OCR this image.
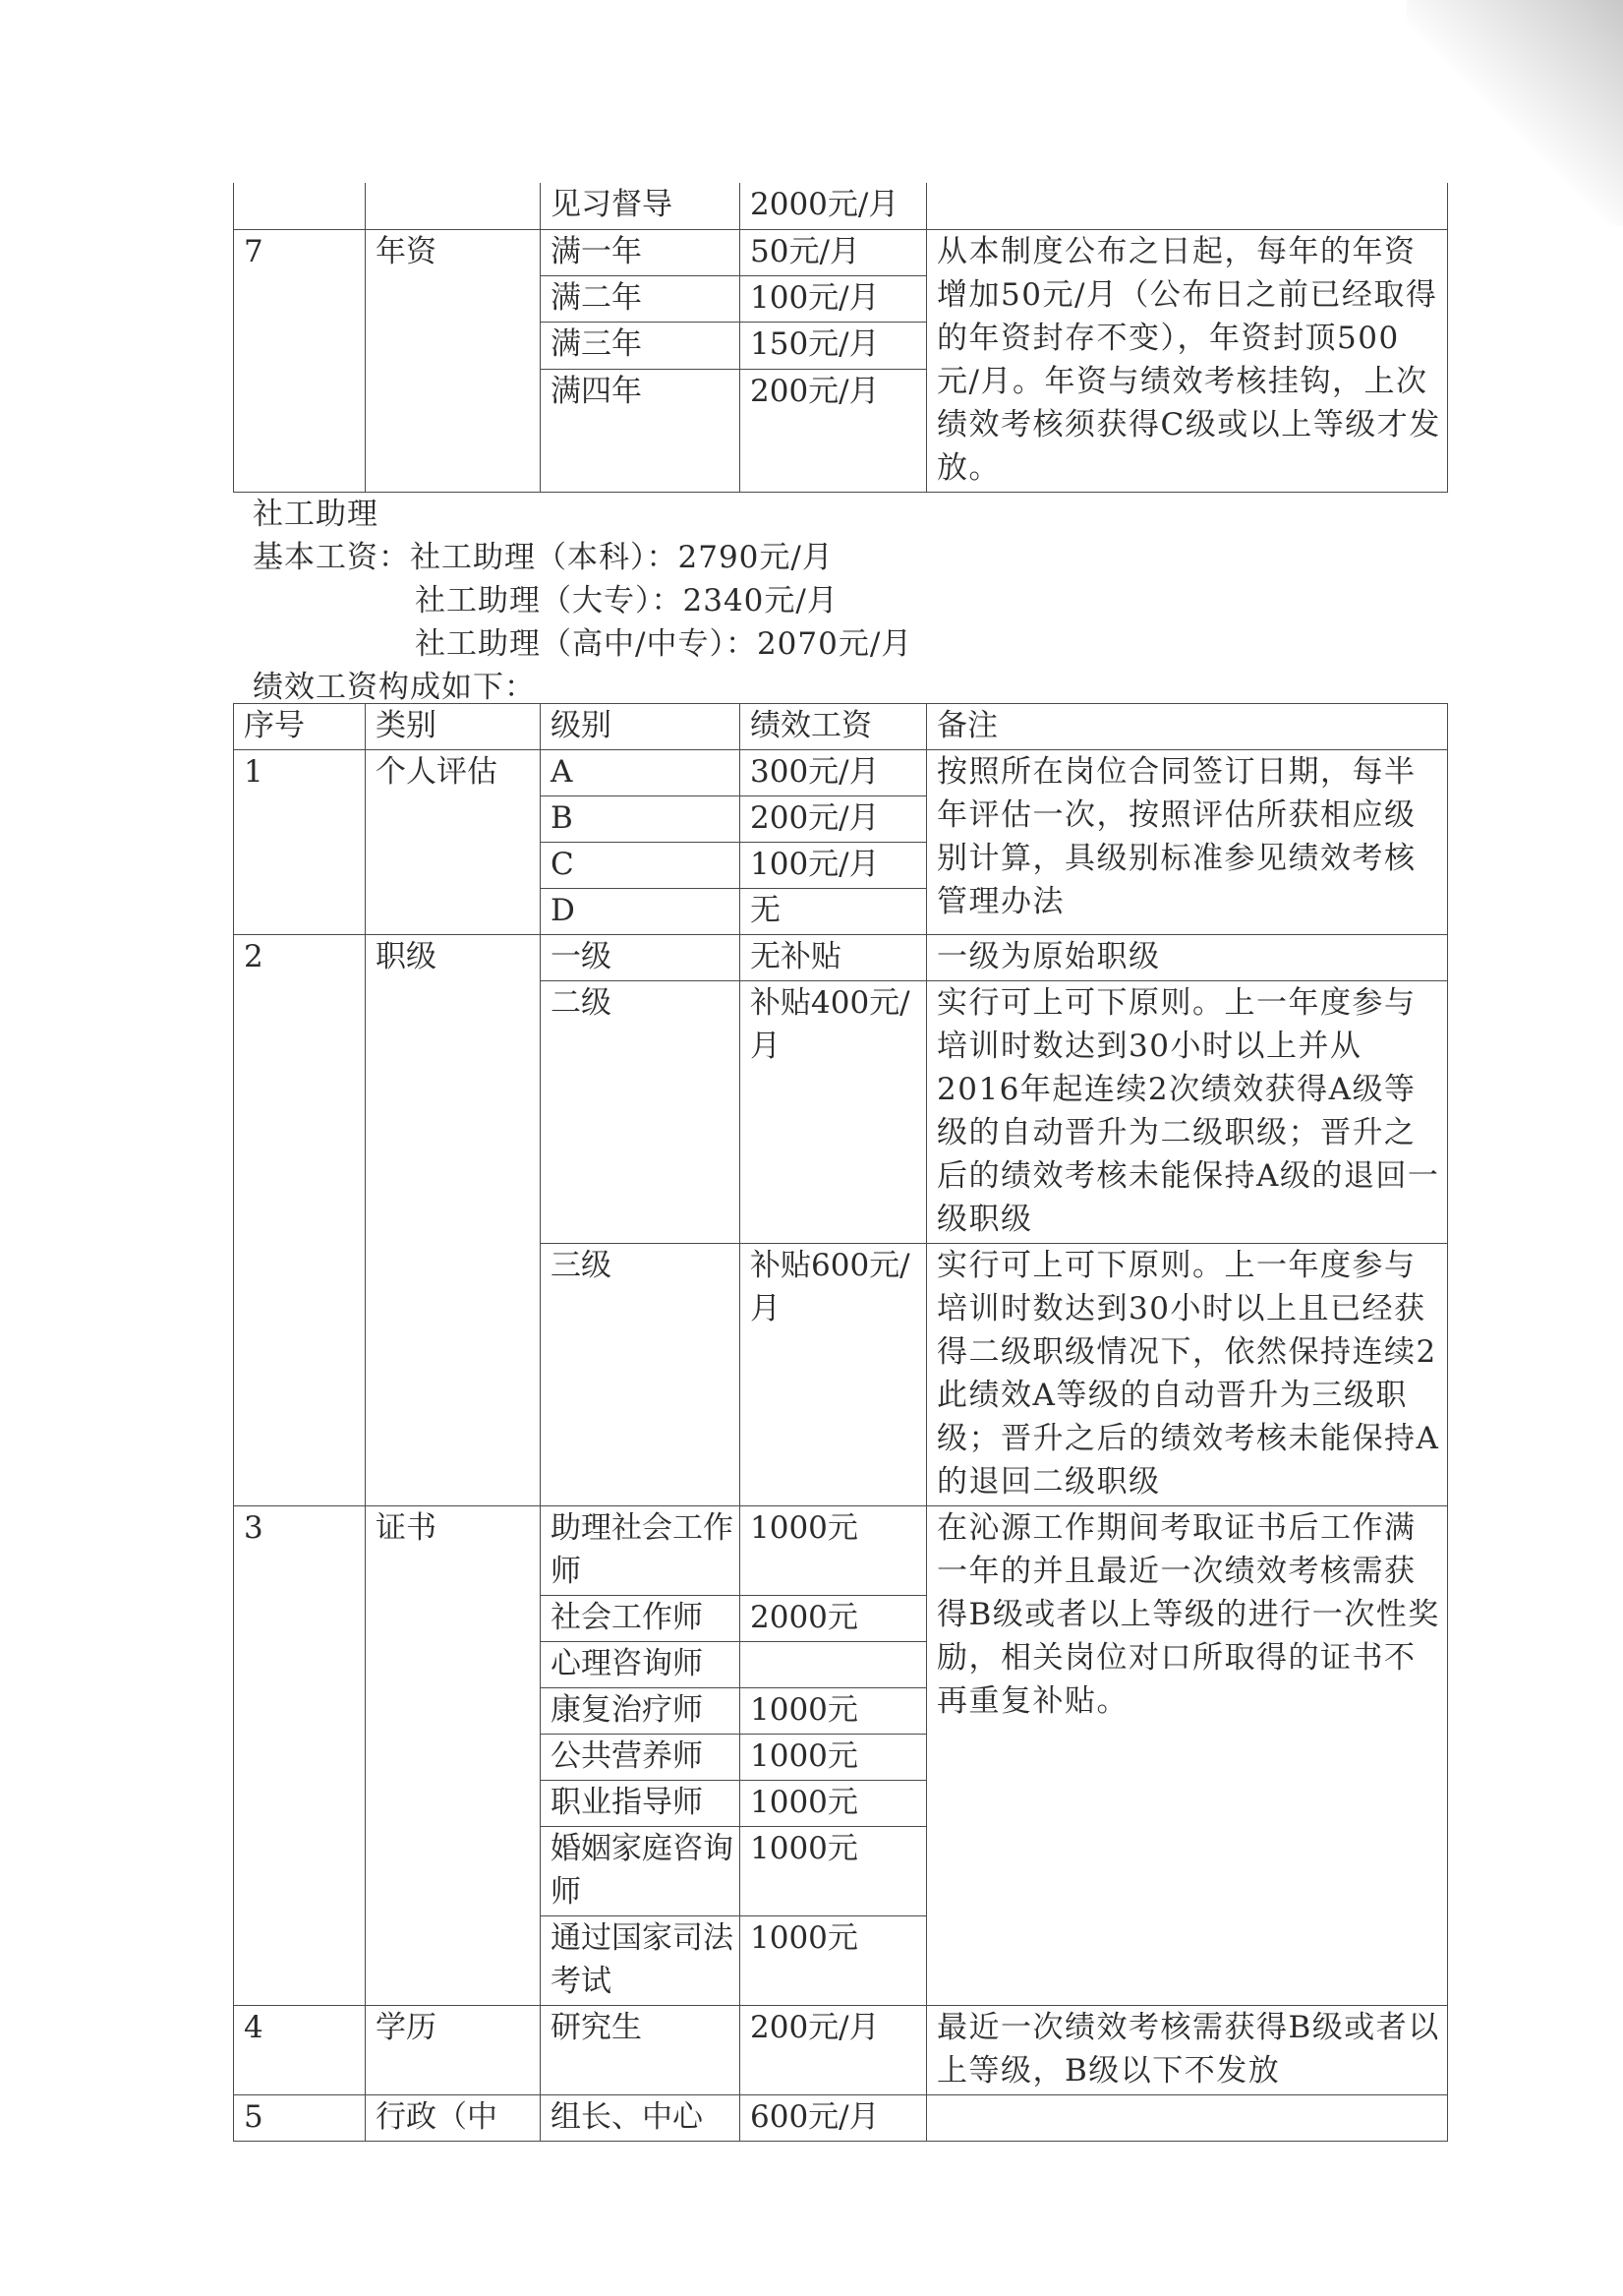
		见习督导	2000元/月	
7	年资	满一年	50元/月	从本制度公布之日起，每年的年资增加50元/月（公布日之前已经取得的年资封存不变），年资封顶500元/月。年资与绩效考核挂钩，上次绩效考核须获得C级或以上等级才发放。
		满二年	100元/月	
		满三年	150元/月	
		满四年	200元/月	
社工助理
基本工资：社工助理（本科）：2790元/月
社工助理（大专）：2340元/月
社工助理（高中/中专）：2070元/月
绩效工资构成如下：
序号	类别	级别	绩效工资	备注
1	个人评估	A	300元/月	按照所在岗位合同签订日期，每半年评估一次，按照评估所获相应级别计算，具级别标准参见绩效考核管理办法
		B	200元/月	
		C	100元/月	
		D	无	
2	职级	一级	无补贴	一级为原始职级
		二级	补贴400元/月	实行可上可下原则。上一年度参与培训时数达到30小时以上并从2016年起连续2次绩效获得A级等级的自动晋升为二级职级；晋升之后的绩效考核未能保持A级的退回一级职级
		三级	补贴600元/月	实行可上可下原则。上一年度参与培训时数达到30小时以上且已经获得二级职级情况下，依然保持连续2此绩效A等级的自动晋升为三级职级；晋升之后的绩效考核未能保持A的退回二级职级
3	证书	助理社会工作师	1000元	在沁源工作期间考取证书后工作满一年的并且最近一次绩效考核需获得B级或者以上等级的进行一次性奖励，相关岗位对口所取得的证书不再重复补贴。
		社会工作师	2000元	
		心理咨询师		
		康复治疗师	1000元	
		公共营养师	1000元	
		职业指导师	1000元	
		婚姻家庭咨询师	1000元	
		通过国家司法考试	1000元	
4	学历	研究生	200元/月	最近一次绩效考核需获得B级或者以上等级，B级以下不发放
5	行政（中	组长、中心	600元/月	
